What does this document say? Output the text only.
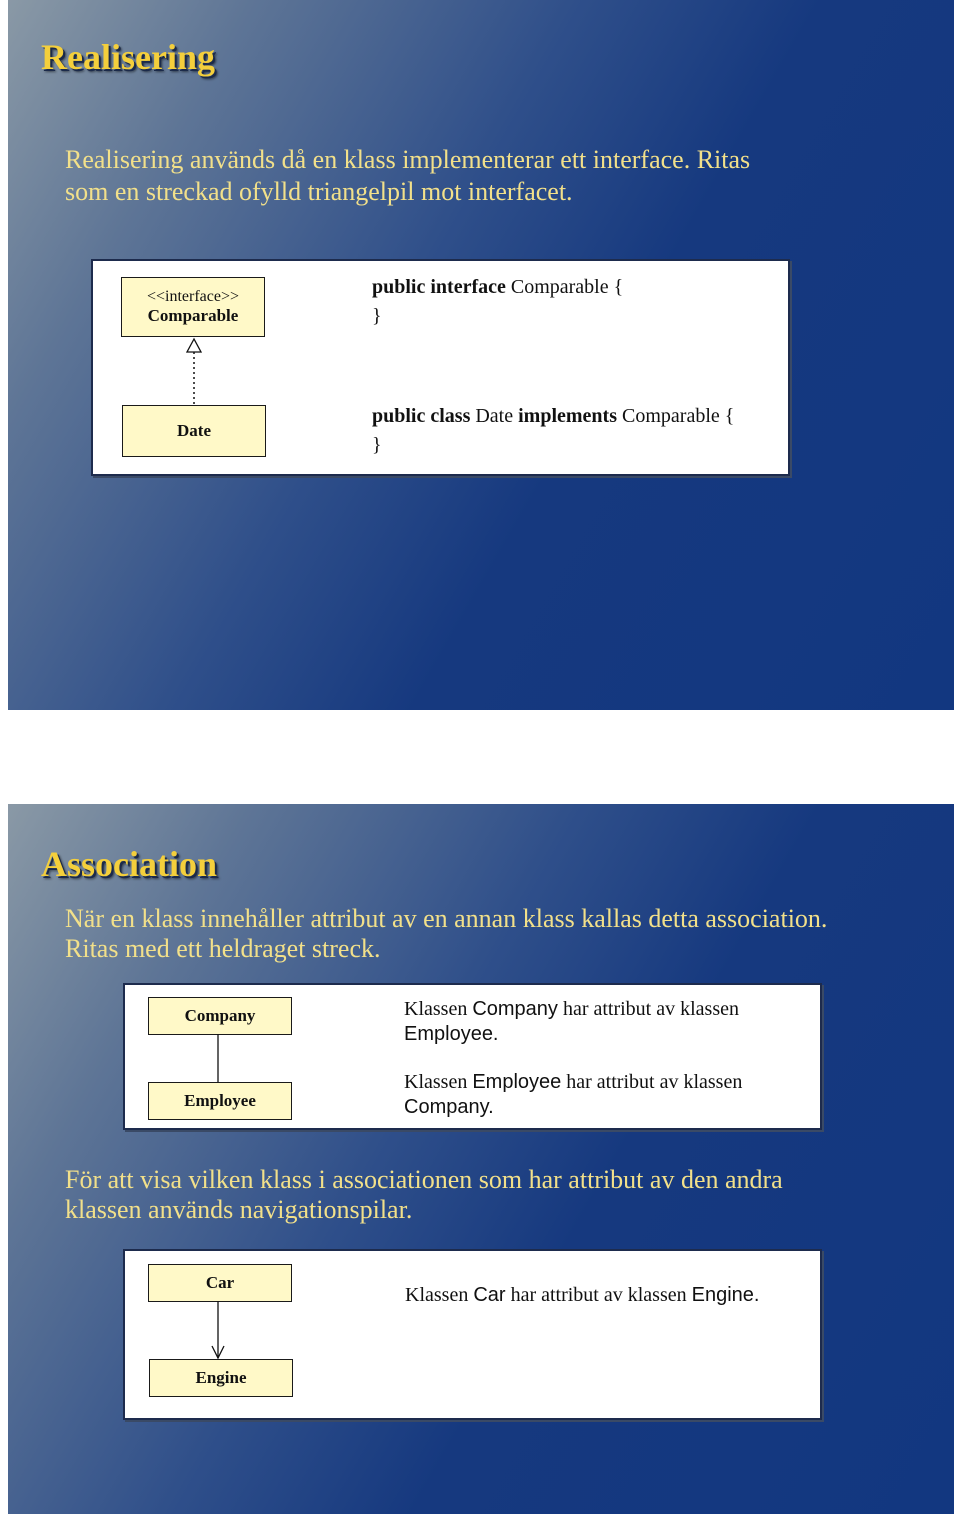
Realisering
Realisering används då en klass implementerar ett interface. Ritas
som en streckad ofylld triangelpil mot interfacet.
<<interface>>
Comparable
Date
public interface Comparable {
}
public class Date implements Comparable {
}
Association
När en klass innehåller attribut av en annan klass kallas detta association.
Ritas med ett heldraget streck.
Company
Employee
Klassen Company har attribut av klassen
Employee.
Klassen Employee har attribut av klassen
Company.
För att visa vilken klass i associationen som har attribut av den andra
klassen används navigationspilar.
Car
Engine
Klassen Car har attribut av klassen Engine.
